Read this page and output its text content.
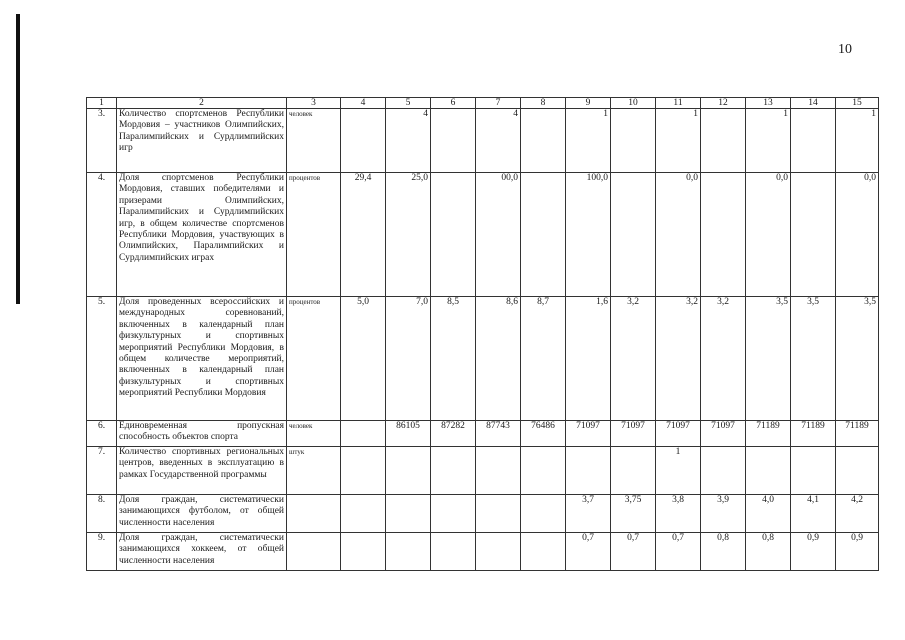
10
1	2	3	4	5	6	7	8	9	10	11	12	13	14	15
3.	Количество спортсменов Республики Мордовия – участников Олимпийских, Паралимпийских и Сурдлимпийских игр	человек		4		4		1		1		1		1
4.	Доля спортсменов Республики Мордовия, ставших победителями и призерами Олимпийских, Паралимпийских и Сурдлимпийских игр, в общем количестве спортсменов Республики Мордовия, участвующих в Олимпийских, Паралимпийских и Сурдлимпийских играх	процентов	29,4	25,0		00,0		100,0		0,0		0,0		0,0
5.	Доля проведенных всероссийских и международных соревнований, включенных в календарный план физкультурных и спортивных мероприятий Республики Мордовия, в общем количестве мероприятий, включенных в календарный план физкультурных и спортивных мероприятий Республики Мордовия	процентов	5,0	7,0	8,5	8,6	8,7	1,6	3,2	3,2	3,2	3,5	3,5	3,5
6.	Единовременная пропускная способность объектов спорта	человек		86105	87282	87743	76486	71097	71097	71097	71097	71189	71189	71189
7.	Количество спортивных региональных центров, введенных в эксплуатацию в рамках Государственной программы	штук								1				
8.	Доля граждан, систематически занимающихся футболом, от общей численности населения							3,7	3,75	3,8	3,9	4,0	4,1	4,2
9.	Доля граждан, систематически занимающихся хоккеем, от общей численности населения							0,7	0,7	0,7	0,8	0,8	0,9	0,9
